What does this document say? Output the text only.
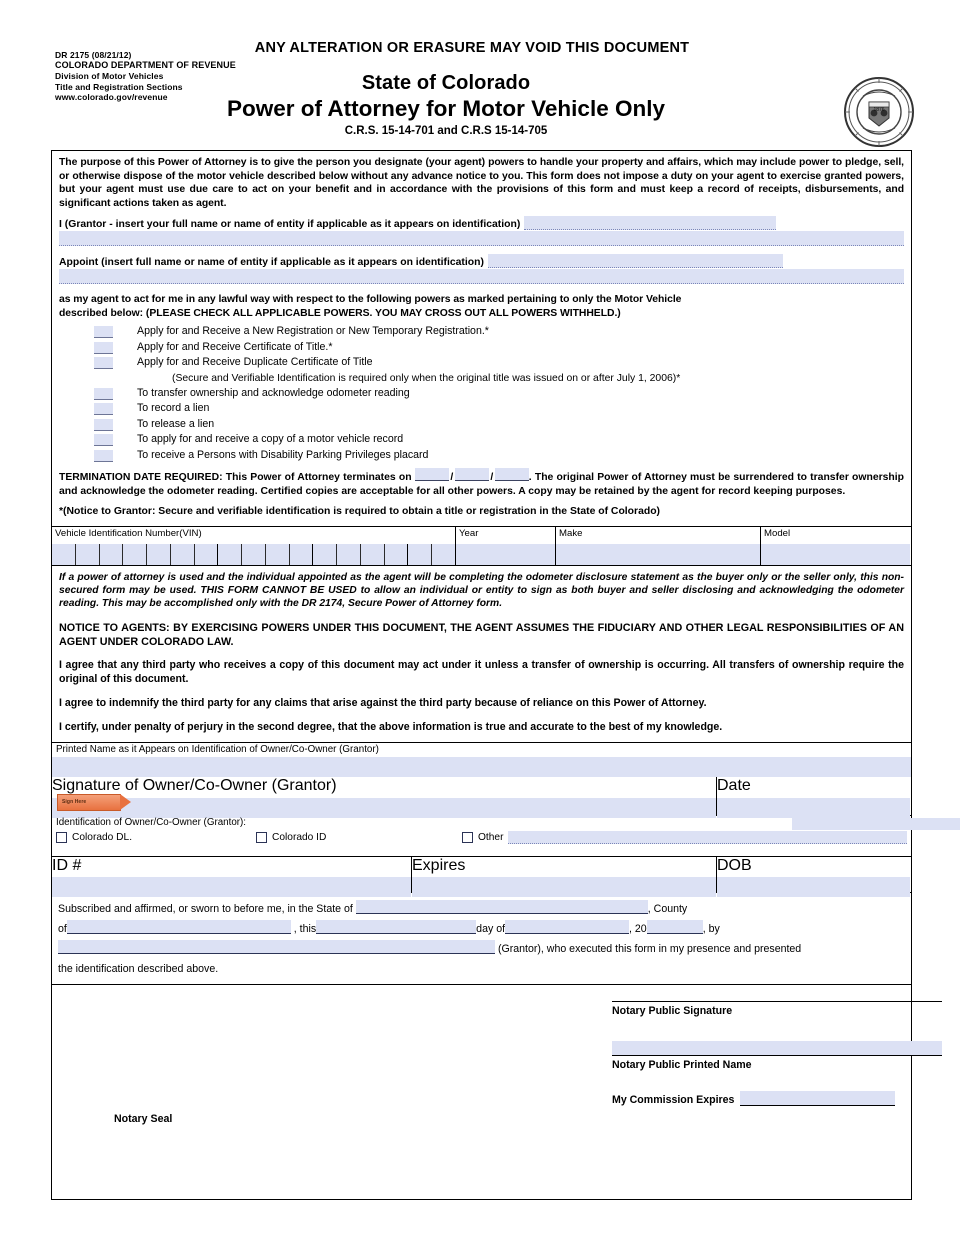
DR 2175 (08/21/12)
COLORADO DEPARTMENT OF REVENUE
Division of Motor Vehicles
Title and Registration Sections
www.colorado.gov/revenue
ANY ALTERATION OR ERASURE MAY VOID THIS DOCUMENT
State of Colorado
Power of Attorney for Motor Vehicle Only
C.R.S. 15-14-701 and C.R.S 15-14-705
1876

The purpose of this Power of Attorney is to give the person you designate (your agent) powers to handle your property and affairs, which may include power to pledge, sell, or otherwise dispose of the motor vehicle described below without any advance notice to you. This form does not impose a duty on your agent to exercise granted powers, but your agent must use due care to act on your benefit and in accordance with the provisions of this form and must keep a record of receipts, disbursements, and significant actions taken as agent.

I (Grantor - insert your full name or name of entity if applicable as it appears on identification)
Appoint (insert full name or name of entity if applicable as it appears on identification)

as my agent to act for me in any lawful way with respect to the following powers as marked pertaining to only the Motor Vehicle

described below: (PLEASE CHECK ALL APPLICABLE POWERS. YOU MAY CROSS OUT ALL POWERS WITHHELD.)

Apply for and Receive a New Registration or New Temporary Registration.*
Apply for and Receive Certificate of Title.*
Apply for and Receive Duplicate Certificate of Title
(Secure and Verifiable Identification is required only when the original title was issued on or after July 1, 2006)*
To transfer ownership and acknowledge odometer reading
To record a lien
To release a lien
To apply for and receive a copy of a motor vehicle record
To receive a Persons with Disability Parking Privileges placard

TERMINATION DATE REQUIRED: This Power of Attorney terminates on	/	/	. The original Power of Attorney must be surrendered to transfer ownership and acknowledge the odometer reading. Certified copies are acceptable for all other powers. A copy may be retained by the agent for record keeping purposes.

*(Notice to Grantor: Secure and verifiable identification is required to obtain a title or registration in the State of Colorado)

Vehicle Identification Number(VIN)	Year	Make	Model

If a power of attorney is used and the individual appointed as the agent will be completing the odometer disclosure statement as the buyer only or the seller only, this non-secured form may be used. THIS FORM CANNOT BE USED to allow an individual or entity to sign as both buyer and seller disclosing and acknowledging the odometer reading. This may be accomplished only with the DR 2174, Secure Power of Attorney form.

NOTICE TO AGENTS: BY EXERCISING POWERS UNDER THIS DOCUMENT, THE AGENT ASSUMES THE FIDUCIARY AND OTHER LEGAL RESPONSIBILITIES OF AN AGENT UNDER COLORADO LAW.

I agree that any third party who receives a copy of this document may act under it unless a transfer of ownership is occurring. All transfers of ownership require the original of this document.

I agree to indemnify the third party for any claims that arise against the third party because of reliance on this Power of Attorney.

I certify, under penalty of perjury in the second degree, that the above information is true and accurate to the best of my knowledge.

Printed Name as it Appears on Identification of Owner/Co-Owner (Grantor)
Signature of Owner/Co-Owner (Grantor)
Sign Here
Date
Identification of Owner/Co-Owner (Grantor):
Colorado DL.	Colorado ID	Other
ID #	Expires	DOB
Subscribed and affirmed, or sworn to before me, in the State of	, County
of	, this	day of	, 20	, by
(Grantor), who executed this form in my presence and presented
the identification described above.
Notary Public Signature
Notary Public Printed Name
My Commission Expires
Notary Seal
